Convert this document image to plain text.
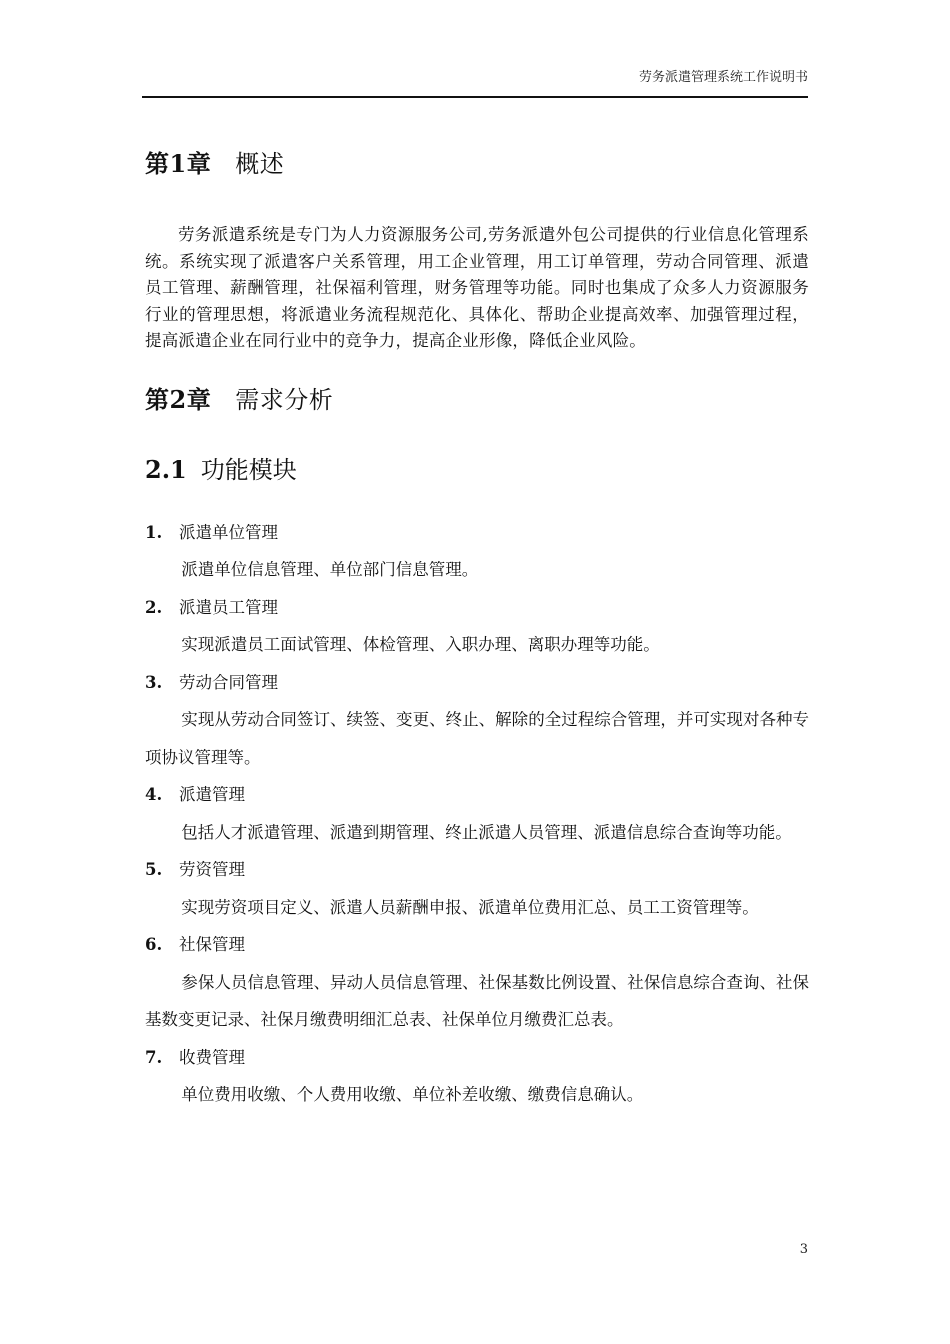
劳务派遣管理系统工作说明书
第1章 概述

劳务派遣系统是专门为人力资源服务公司,劳务派遣外包公司提供的行业信息化管理系统。系统实现了派遣客户关系管理，用工企业管理，用工订单管理，劳动合同管理、派遣员工管理、薪酬管理，社保福利管理，财务管理等功能。同时也集成了众多人力资源服务行业的管理思想，将派遣业务流程规范化、具体化、帮助企业提高效率、加强管理过程，提高派遣企业在同行业中的竞争力，提高企业形像，降低企业风险。

第2章 需求分析
2.1 功能模块
1. 派遣单位管理

派遣单位信息管理、单位部门信息管理。

2. 派遣员工管理

实现派遣员工面试管理、体检管理、入职办理、离职办理等功能。

3. 劳动合同管理

实现从劳动合同签订、续签、变更、终止、解除的全过程综合管理，并可实现对各种专项协议管理等。

4. 派遣管理

包括人才派遣管理、派遣到期管理、终止派遣人员管理、派遣信息综合查询等功能。

5. 劳资管理

实现劳资项目定义、派遣人员薪酬申报、派遣单位费用汇总、员工工资管理等。

6. 社保管理

参保人员信息管理、异动人员信息管理、社保基数比例设置、社保信息综合查询、社保基数变更记录、社保月缴费明细汇总表、社保单位月缴费汇总表。

7. 收费管理

单位费用收缴、个人费用收缴、单位补差收缴、缴费信息确认。

3
